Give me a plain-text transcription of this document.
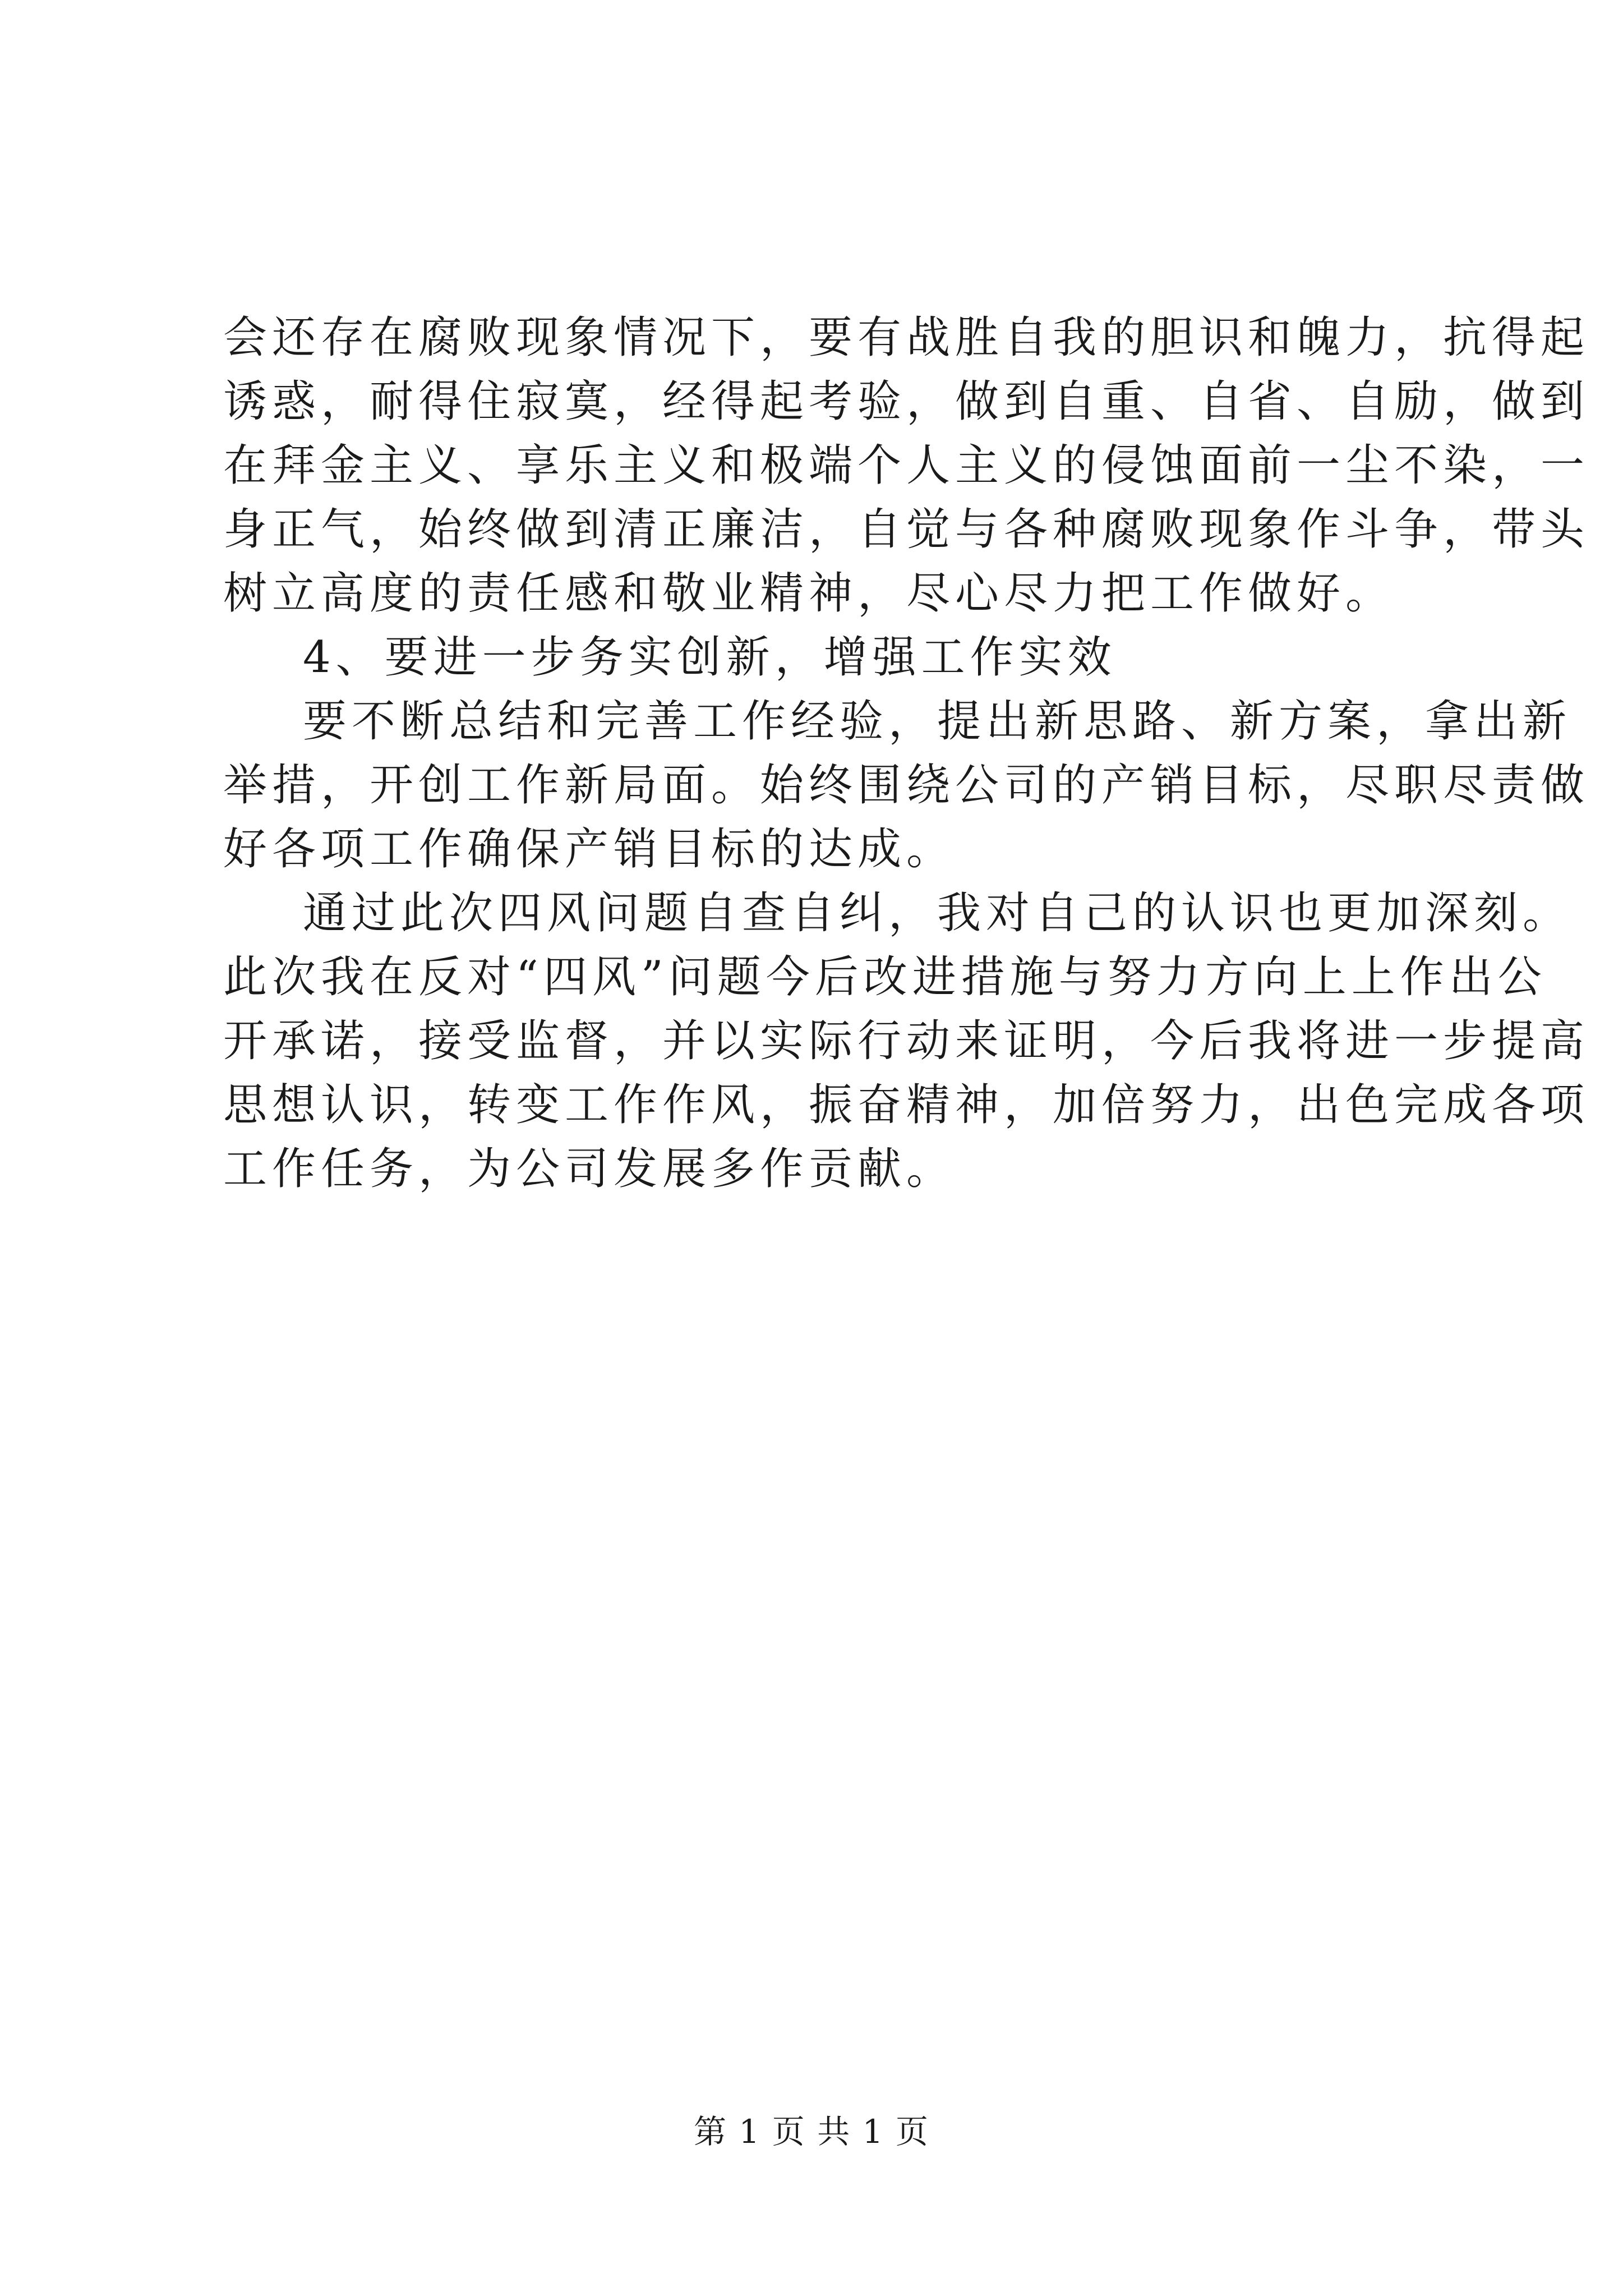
会还存在腐败现象情况下，要有战胜自我的胆识和魄力，抗得起
诱惑，耐得住寂寞，经得起考验，做到自重、自省、自励，做到
在拜金主义、享乐主义和极端个人主义的侵蚀面前一尘不染，一
身正气，始终做到清正廉洁，自觉与各种腐败现象作斗争，带头
树立高度的责任感和敬业精神，尽心尽力把工作做好。
4、要进一步务实创新，增强工作实效
要不断总结和完善工作经验，提出新思路、新方案，拿出新
举措，开创工作新局面。始终围绕公司的产销目标，尽职尽责做
好各项工作确保产销目标的达成。
通过此次四风问题自查自纠，我对自己的认识也更加深刻。
此次我在反对“四风”问题今后改进措施与努力方向上上作出公
开承诺，接受监督，并以实际行动来证明，今后我将进一步提高
思想认识，转变工作作风，振奋精神，加倍努力，出色完成各项
工作任务，为公司发展多作贡献。
第 1 页 共 1 页
